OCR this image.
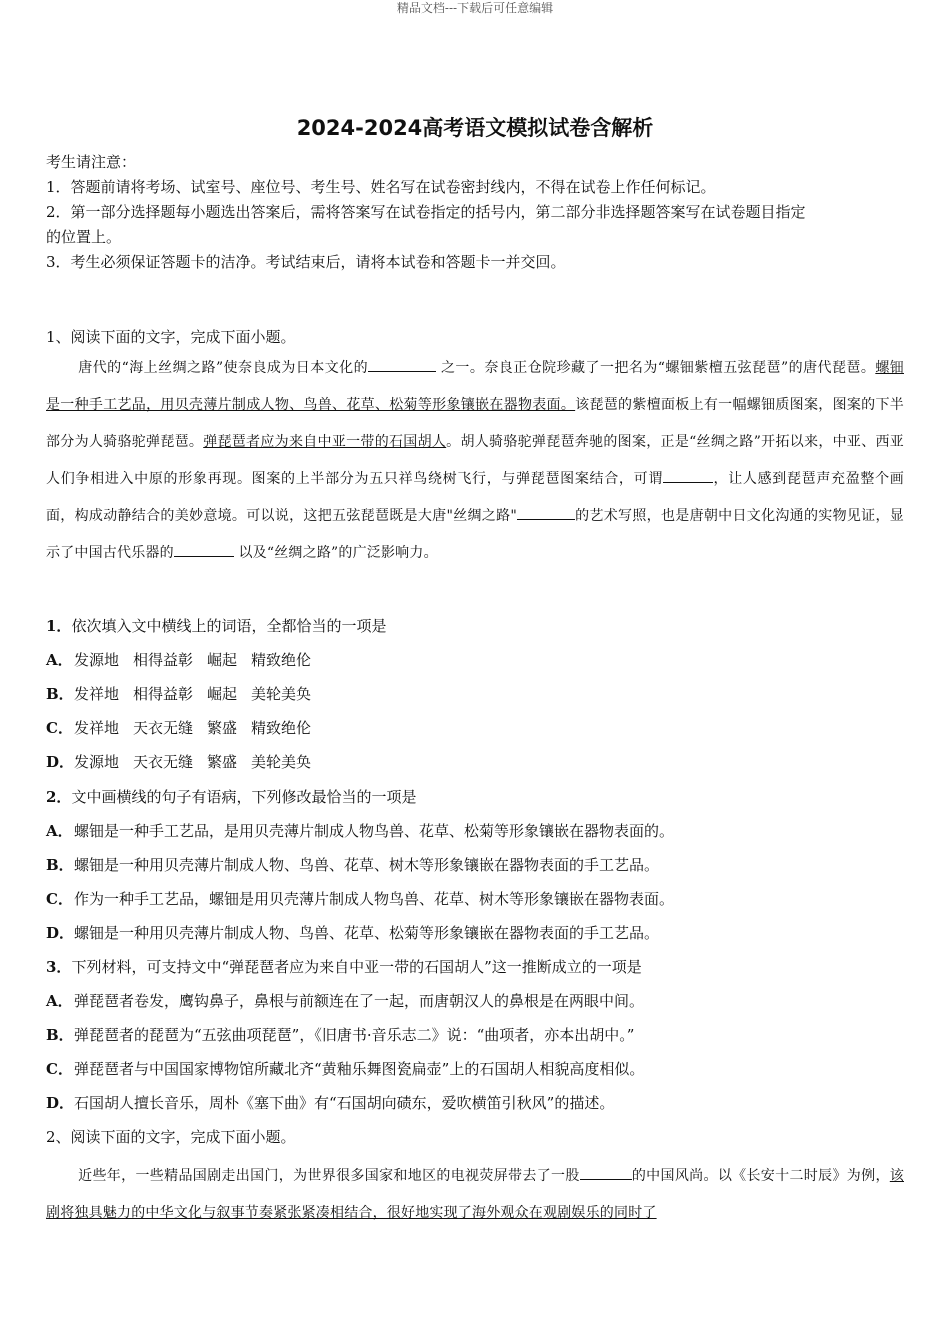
精品文档---下载后可任意编辑
2024-2024高考语文模拟试卷含解析
考生请注意：
1．答题前请将考场、试室号、座位号、考生号、姓名写在试卷密封线内，不得在试卷上作任何标记。
2．第一部分选择题每小题选出答案后，需将答案写在试卷指定的括号内，第二部分非选择题答案写在试卷题目指定
的位置上。
3．考生必须保证答题卡的洁净。考试结束后，请将本试卷和答题卡一并交回。
1、阅读下面的文字，完成下面小题。
唐代的“海上丝绸之路”使奈良成为日本文化的	之一。奈良正仓院珍藏了一把名为“螺钿紫檀五弦琵琶”的唐代琵琶。螺钿是一种手工艺品，用贝壳薄片制成人物、鸟兽、花草、松菊等形象镶嵌在器物表面。该琵琶的紫檀面板上有一幅螺钿质图案，图案的下半部分为人骑骆驼弹琵琶。弹琵琶者应为来自中亚一带的石国胡人。胡人骑骆驼弹琵琶奔驰的图案，正是“丝绸之路”开拓以来，中亚、西亚人们争相进入中原的形象再现。图案的上半部分为五只祥鸟绕树飞行，与弹琵琶图案结合，可谓	，让人感到琵琶声充盈整个画面，构成动静结合的美妙意境。可以说，这把五弦琵琶既是大唐"丝绸之路"	的艺术写照，也是唐朝中日文化沟通的实物见证，显示了中国古代乐器的	以及“丝绸之路”的广泛影响力。
1．依次填入文中横线上的词语，全都恰当的一项是
A．发源地 相得益彰 崛起 精致绝伦
B．发祥地 相得益彰 崛起 美轮美奂
C．发祥地 天衣无缝 繁盛 精致绝伦
D．发源地 天衣无缝 繁盛 美轮美奂
2．文中画横线的句子有语病，下列修改最恰当的一项是
A．螺钿是一种手工艺品，是用贝壳薄片制成人物鸟兽、花草、松菊等形象镶嵌在器物表面的。
B．螺钿是一种用贝壳薄片制成人物、鸟兽、花草、树木等形象镶嵌在器物表面的手工艺品。
C．作为一种手工艺品，螺钿是用贝壳薄片制成人物鸟兽、花草、树木等形象镶嵌在器物表面。
D．螺钿是一种用贝壳薄片制成人物、鸟兽、花草、松菊等形象镶嵌在器物表面的手工艺品。
3．下列材料，可支持文中“弹琵琶者应为来自中亚一带的石国胡人”这一推断成立的一项是
A．弹琵琶者卷发，鹰钩鼻子，鼻根与前额连在了一起，而唐朝汉人的鼻根是在两眼中间。
B．弹琵琶者的琵琶为“五弦曲项琵琶”，《旧唐书·音乐志二》说：“曲项者，亦本出胡中。”
C．弹琵琶者与中国国家博物馆所藏北齐“黄釉乐舞图瓷扁壶”上的石国胡人相貌高度相似。
D．石国胡人擅长音乐，周朴《塞下曲》有“石国胡向碛东，爱吹横笛引秋风”的描述。
2、阅读下面的文字，完成下面小题。
近些年，一些精品国剧走出国门，为世界很多国家和地区的电视荧屏带去了一股	的中国风尚。以《长安十二时辰》为例，该剧将独具魅力的中华文化与叙事节奏紧张紧凑相结合，很好地实现了海外观众在观剧娱乐的同时了
